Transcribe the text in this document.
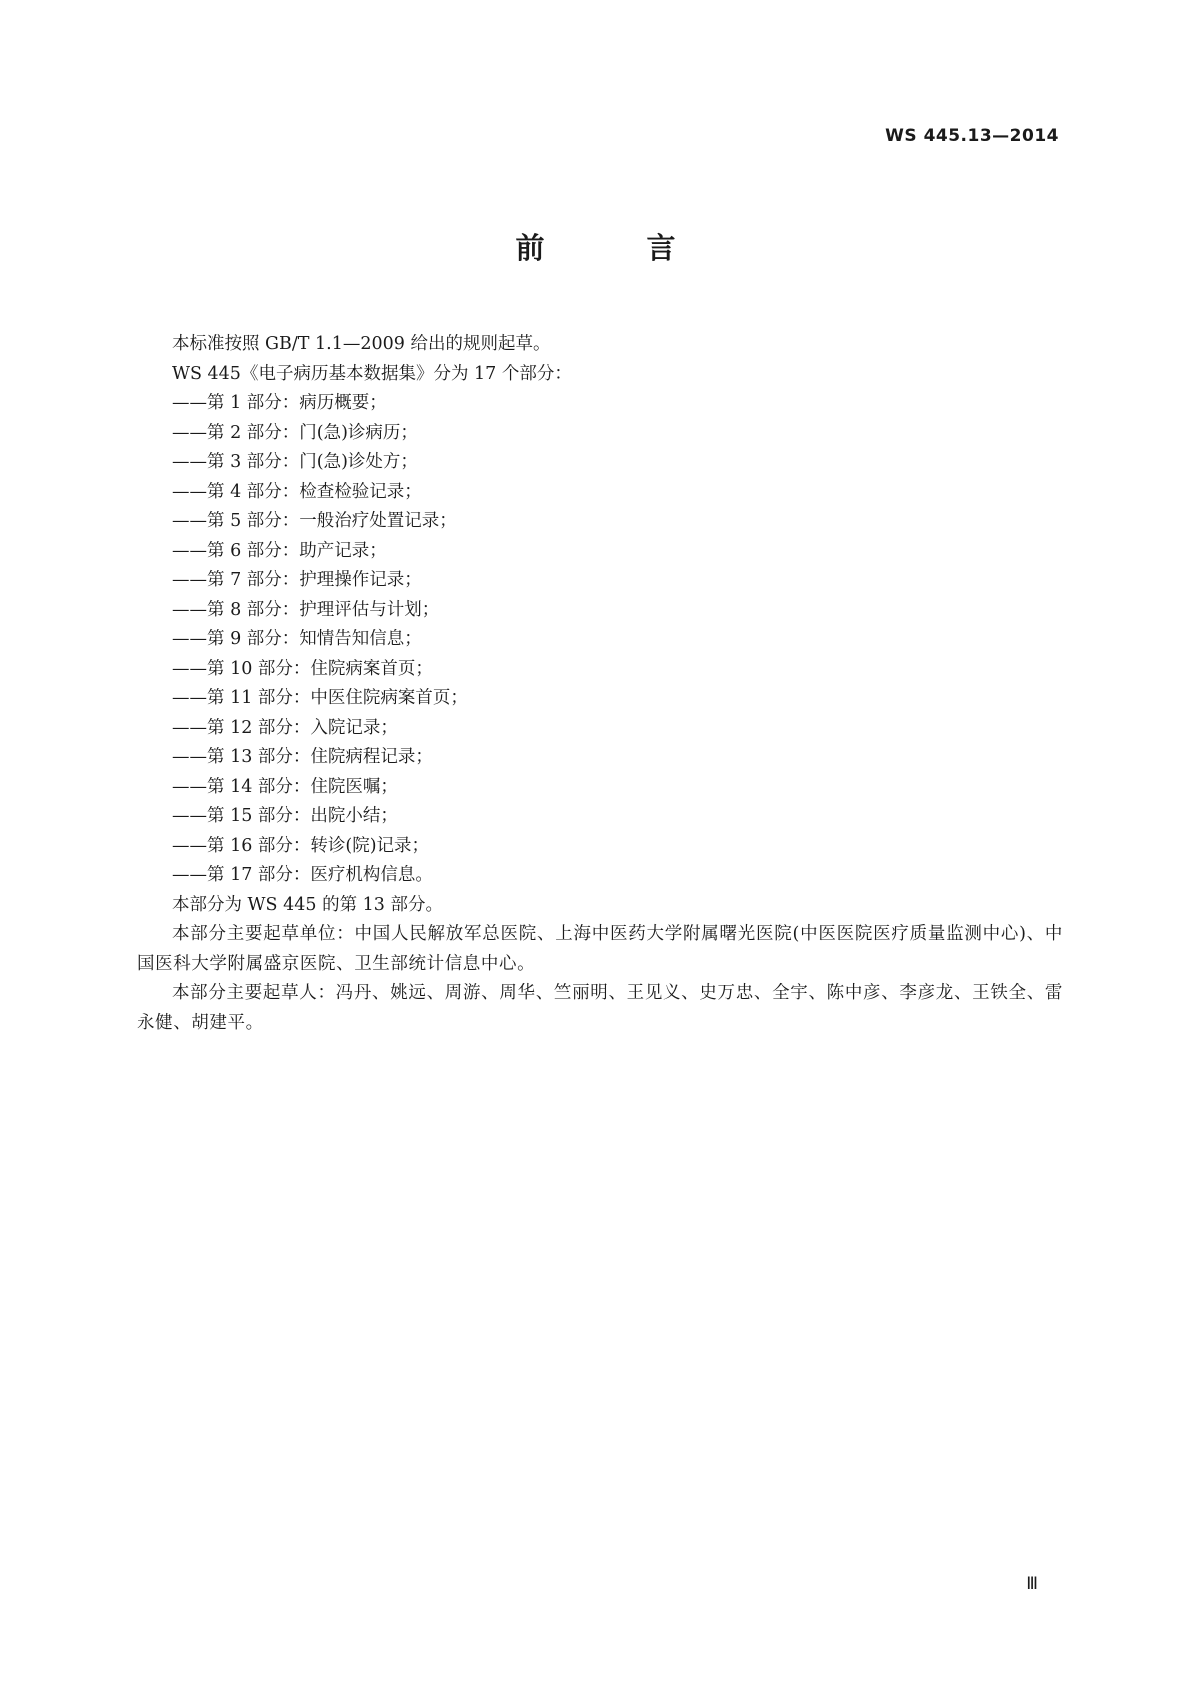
WS 445.13—2014
前 言

本标准按照 GB/T 1.1—2009 给出的规则起草。

WS 445《电子病历基本数据集》分为 17 个部分：

——第 1 部分：病历概要；

——第 2 部分：门(急)诊病历；

——第 3 部分：门(急)诊处方；

——第 4 部分：检查检验记录；

——第 5 部分：一般治疗处置记录；

——第 6 部分：助产记录；

——第 7 部分：护理操作记录；

——第 8 部分：护理评估与计划；

——第 9 部分：知情告知信息；

——第 10 部分：住院病案首页；

——第 11 部分：中医住院病案首页；

——第 12 部分：入院记录；

——第 13 部分：住院病程记录；

——第 14 部分：住院医嘱；

——第 15 部分：出院小结；

——第 16 部分：转诊(院)记录；

——第 17 部分：医疗机构信息。

本部分为 WS 445 的第 13 部分。

本部分主要起草单位：中国人民解放军总医院、上海中医药大学附属曙光医院(中医医院医疗质量监测中心)、中国医科大学附属盛京医院、卫生部统计信息中心。

本部分主要起草人：冯丹、姚远、周游、周华、竺丽明、王见义、史万忠、全宇、陈中彦、李彦龙、王铁全、雷永健、胡建平。

Ⅲ
